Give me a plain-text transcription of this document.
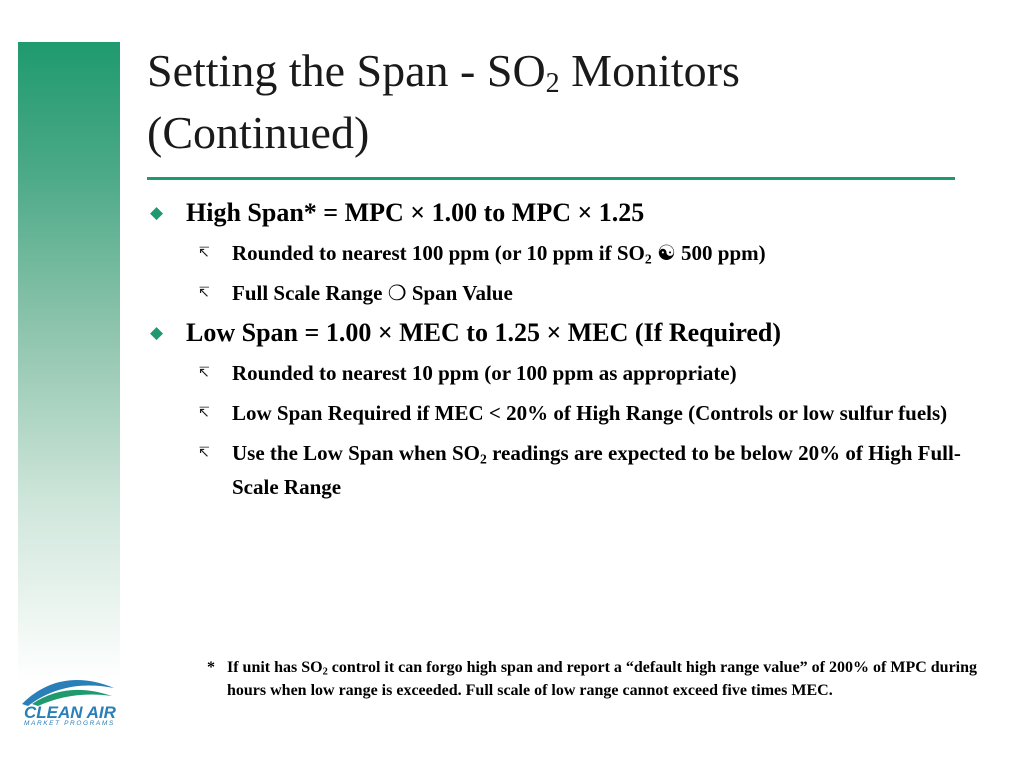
Setting the Span - $SO_2$ Monitors
(Continued)
◆ High Span* = MPC × 1.00 to MPC × 1.25
↸ Rounded to nearest 100 ppm (or 10 ppm if $SO_2$ ☯ 500 ppm)
↸ Full Scale Range ❍ Span Value
◆ Low Span = 1.00 × MEC to 1.25 × MEC (If Required)
↸ Rounded to nearest 10 ppm (or 100 ppm as appropriate)
↸ Low Span Required if MEC < 20% of High Range (Controls or low sulfur fuels)
↸ Use the Low Span when $SO_2$ readings are expected to be below 20% of High Full-Scale Range
* If unit has $SO_2$ control it can forgo high span and report a “default high range value” of 200% of MPC during hours when low range is exceeded. Full scale of low range cannot exceed five times MEC.
CLEAN AIR
MARKET PROGRAMS
